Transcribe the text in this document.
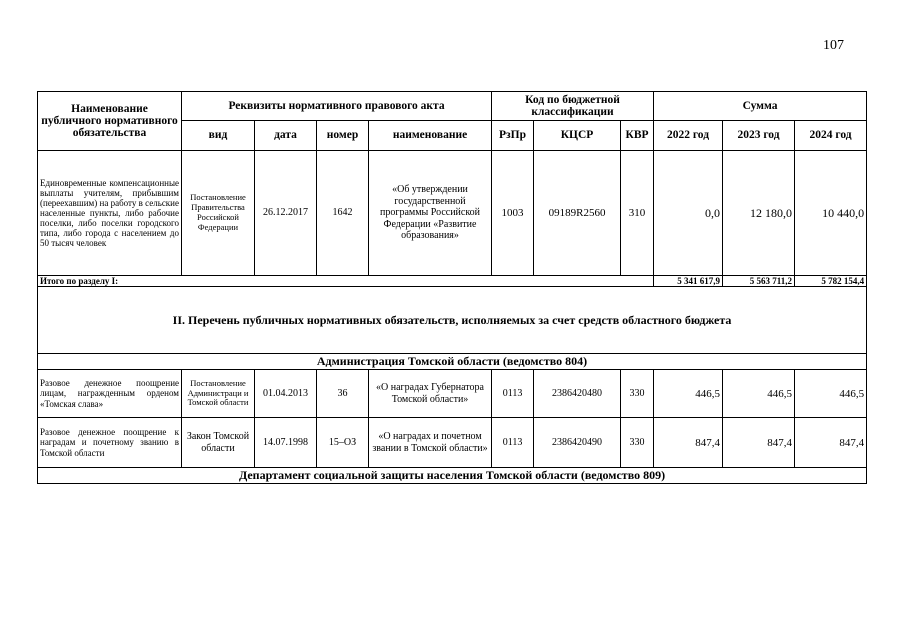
107
Наименование публичного нормативного обязательства	Реквизиты нормативного правового акта				Код по бюджетной классификации			Сумма		
	вид	дата	номер	наименование	РзПр	КЦСР	КВР	2022 год	2023 год	2024 год
Единовременные компенсационные выплаты учителям, прибывшим (переехавшим) на работу в сельские населенные пункты, либо рабочие поселки, либо поселки городского типа, либо города с населением до 50 тысяч человек	Постановление Правительства Российской Федерации	26.12.2017	1642	«Об утверждении государственной программы Российской Федерации «Развитие образования»	1003	09189R2560	310	0,0	12 180,0	10 440,0
Итого по разделу I:								5 341 617,9	5 563 711,2	5 782 154,4
II. Перечень публичных нормативных обязательств, исполняемых за счет средств областного бюджета										
Администрация Томской области (ведомство 804)										
Разовое денежное поощрение лицам, награжденным орденом «Томская слава»	Постановление Администраци и Томской области	01.04.2013	36	«О наградах Губернатора Томской области»	0113	2386420480	330	446,5	446,5	446,5
Разовое денежное поощрение к наградам и почетному званию в Томской области	Закон Томской области	14.07.1998	15–ОЗ	«О наградах и почетном звании в Томской области»	0113	2386420490	330	847,4	847,4	847,4
Департамент социальной защиты населения Томской области (ведомство 809)										
